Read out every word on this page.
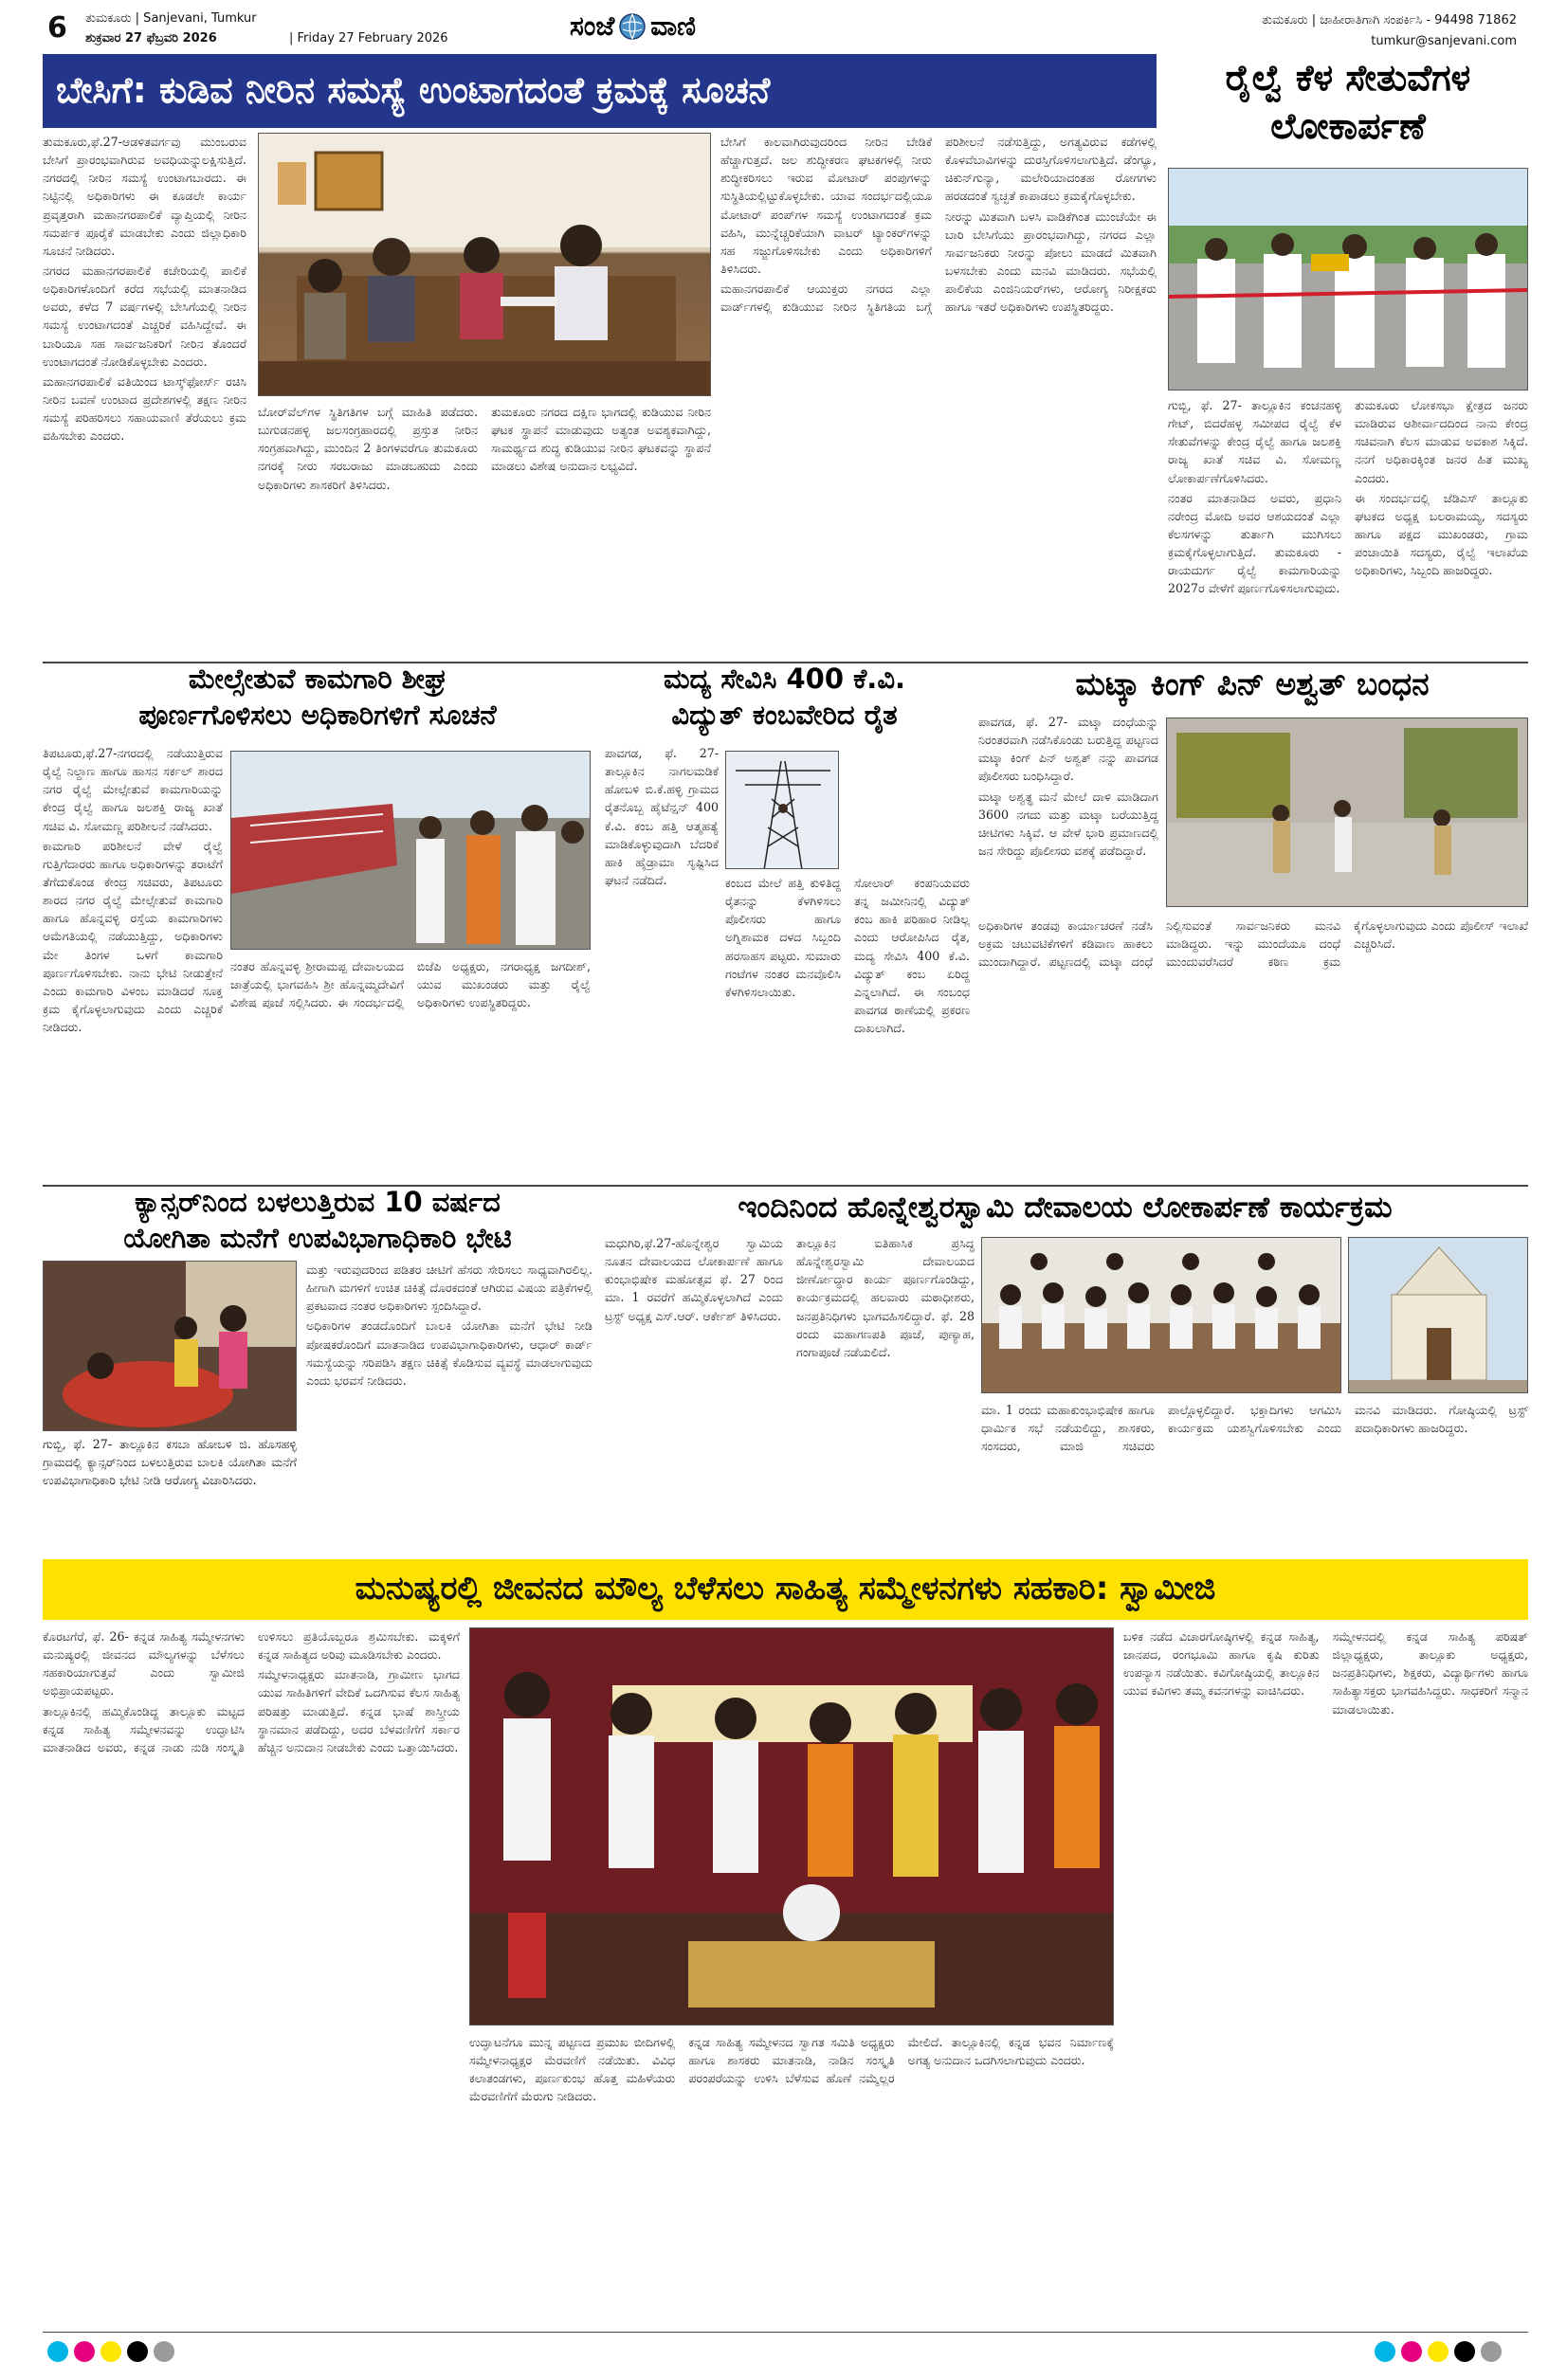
6 ತುಮಕೂರು | Sanjevani, Tumkur
ಶುಕ್ರವಾರ 27 ಫೆಬ್ರವರಿ 2026	| Friday 27 February 2026	ಸಂಜೆ ವಾಣಿ	ತುಮಕೂರು | ಜಾಹೀರಾತಿಗಾಗಿ ಸಂಪರ್ಕಿಸಿ - 94498 71862
tumkur@sanjevani.com
ಬೇಸಿಗೆ: ಕುಡಿವ ನೀರಿನ ಸಮಸ್ಯೆ ಉಂಟಾಗದಂತೆ ಕ್ರಮಕ್ಕೆ ಸೂಚನೆ

ತುಮಕೂರು,ಫೆ.27-ಆಡಳಿತವರ್ಗವು ಮುಂಬರುವ ಬೇಸಿಗೆ ಪ್ರಾರಂಭವಾಗಿರುವ ಅವಧಿಯನ್ನುಲಕ್ಷಿಸುತ್ತಿದೆ. ನಗರದಲ್ಲಿ ನೀರಿನ ಸಮಸ್ಯೆ ಉಂಟಾಗಬಾರದು. ಈ ನಿಟ್ಟಿನಲ್ಲಿ ಅಧಿಕಾರಿಗಳು ಈ ಕೂಡಲೇ ಕಾರ್ಯ ಪ್ರವೃತ್ತರಾಗಿ ಮಹಾನಗರಪಾಲಿಕೆ ವ್ಯಾಪ್ತಿಯಲ್ಲಿ ನೀರಿನ ಸಮರ್ಪಕ ಪೂರೈಕೆ ಮಾಡಬೇಕು ಎಂದು ಜಿಲ್ಲಾಧಿಕಾರಿ ಸೂಚನೆ ನೀಡಿದರು.

ನಗರದ ಮಹಾನಗರಪಾಲಿಕೆ ಕಚೇರಿಯಲ್ಲಿ ಪಾಲಿಕೆ ಅಧಿಕಾರಿಗಳೊಂದಿಗೆ ಕರೆದ ಸಭೆಯಲ್ಲಿ ಮಾತನಾಡಿದ ಅವರು, ಕಳೆದ 7 ವರ್ಷಗಳಲ್ಲಿ ಬೇಸಿಗೆಯಲ್ಲಿ ನೀರಿನ ಸಮಸ್ಯೆ ಉಂಟಾಗದಂತೆ ಎಚ್ಚರಿಕೆ ವಹಿಸಿದ್ದೇವೆ. ಈ ಬಾರಿಯೂ ಸಹ ಸಾರ್ವಜನಿಕರಿಗೆ ನೀರಿನ ತೊಂದರೆ ಉಂಟಾಗದಂತೆ ನೋಡಿಕೊಳ್ಳಬೇಕು ಎಂದರು.

ಮಹಾನಗರಪಾಲಿಕೆ ವತಿಯಿಂದ ಟಾಸ್ಕ್‌ಫೋರ್ಸ್ ರಚಿಸಿ ನೀರಿನ ಬವಣೆ ಉಂಟಾದ ಪ್ರದೇಶಗಳಲ್ಲಿ ತಕ್ಷಣ ನೀರಿನ ಸಮಸ್ಯೆ ಪರಿಹರಿಸಲು ಸಹಾಯವಾಣಿ ತೆರೆಯಲು ಕ್ರಮ ವಹಿಸಬೇಕು ಎಂದರು.

ಬೋರ್‌ವೆಲ್‌ಗಳ ಸ್ಥಿತಿಗತಿಗಳ ಬಗ್ಗೆ ಮಾಹಿತಿ ಪಡೆದರು. ಬುಗುಡನಹಳ್ಳಿ ಜಲಸಂಗ್ರಹಾರದಲ್ಲಿ ಪ್ರಸ್ತುತ ನೀರಿನ ಸಂಗ್ರಹವಾಗಿದ್ದು, ಮುಂದಿನ 2 ತಿಂಗಳವರೆಗೂ ತುಮಕೂರು ನಗರಕ್ಕೆ ನೀರು ಸರಬರಾಜು ಮಾಡಬಹುದು ಎಂದು ಅಧಿಕಾರಿಗಳು ಶಾಸಕರಿಗೆ ತಿಳಿಸಿದರು.

ತುಮಕೂರು ನಗರದ ದಕ್ಷಿಣ ಭಾಗದಲ್ಲಿ ಕುಡಿಯುವ ನೀರಿನ ಘಟಕ ಸ್ಥಾಪನೆ ಮಾಡುವುದು ಅತ್ಯಂತ ಅವಶ್ಯಕವಾಗಿದ್ದು, ಸಾಮರ್ಥ್ಯದ ಶುದ್ಧ ಕುಡಿಯುವ ನೀರಿನ ಘಟಕವನ್ನು ಸ್ಥಾಪನೆ ಮಾಡಲು ವಿಶೇಷ ಅನುದಾನ ಲಭ್ಯವಿದೆ.

ಬೇಸಿಗೆ ಕಾಲವಾಗಿರುವುದರಿಂದ ನೀರಿನ ಬೇಡಿಕೆ ಹೆಚ್ಚಾಗುತ್ತದೆ. ಜಲ ಶುದ್ಧೀಕರಣ ಘಟಕಗಳಲ್ಲಿ ನೀರು ಶುದ್ಧೀಕರಿಸಲು ಇರುವ ಮೋಟಾರ್ ಪಂಪುಗಳನ್ನು ಸುಸ್ಥಿತಿಯಲ್ಲಿಟ್ಟುಕೊಳ್ಳಬೇಕು. ಯಾವ ಸಂದರ್ಭದಲ್ಲಿಯೂ ಮೋಟಾರ್ ಪಂಪ್‌ಗಳ ಸಮಸ್ಯೆ ಉಂಟಾಗದಂತೆ ಕ್ರಮ ವಹಿಸಿ, ಮುನ್ನೆಚ್ಚರಿಕೆಯಾಗಿ ವಾಟರ್ ಟ್ಯಾಂಕರ್‌ಗಳನ್ನು ಸಹ ಸಜ್ಜುಗೊಳಿಸಬೇಕು ಎಂದು ಅಧಿಕಾರಿಗಳಿಗೆ ತಿಳಿಸಿದರು.

ಮಹಾನಗರಪಾಲಿಕೆ ಆಯುಕ್ತರು ನಗರದ ಎಲ್ಲಾ ವಾರ್ಡ್‌ಗಳಲ್ಲಿ ಕುಡಿಯುವ ನೀರಿನ ಸ್ಥಿತಿಗತಿಯ ಬಗ್ಗೆ ಪರಿಶೀಲನೆ ನಡೆಸುತ್ತಿದ್ದು, ಅಗತ್ಯವಿರುವ ಕಡೆಗಳಲ್ಲಿ ಕೊಳವೆಬಾವಿಗಳನ್ನು ದುರಸ್ತಿಗೊಳಿಸಲಾಗುತ್ತಿದೆ. ಡೆಂಗ್ಯೂ, ಚಿಕುನ್‌ಗುನ್ಯಾ, ಮಲೇರಿಯಾದಂತಹ ರೋಗಗಳು ಹರಡದಂತೆ ಸ್ವಚ್ಛತೆ ಕಾಪಾಡಲು ಕ್ರಮಕೈಗೊಳ್ಳಬೇಕು.

ನೀರನ್ನು ಮಿತವಾಗಿ ಬಳಸಿ ವಾಡಿಕೆಗಿಂತ ಮುಂಚೆಯೇ ಈ ಬಾರಿ ಬೇಸಿಗೆಯು ಪ್ರಾರಂಭವಾಗಿದ್ದು, ನಗರದ ಎಲ್ಲಾ ಸಾರ್ವಜನಿಕರು ನೀರನ್ನು ಪೋಲು ಮಾಡದೆ ಮಿತವಾಗಿ ಬಳಸಬೇಕು ಎಂದು ಮನವಿ ಮಾಡಿದರು. ಸಭೆಯಲ್ಲಿ ಪಾಲಿಕೆಯ ಎಂಜಿನಿಯರ್‌ಗಳು, ಆರೋಗ್ಯ ನಿರೀಕ್ಷಕರು ಹಾಗೂ ಇತರೆ ಅಧಿಕಾರಿಗಳು ಉಪಸ್ಥಿತರಿದ್ದರು.

ರೈಲ್ವೆ ಕೆಳ ಸೇತುವೆಗಳ ಲೋಕಾರ್ಪಣೆ

ಗುಬ್ಬಿ, ಫೆ. 27- ತಾಲ್ಲೂಕಿನ ಕಂಚನಹಳ್ಳಿ ಗೇಟ್, ಬಿದರೆಹಳ್ಳ ಸಮೀಪದ ರೈಲ್ವೆ ಕೆಳ ಸೇತುವೆಗಳನ್ನು ಕೇಂದ್ರ ರೈಲ್ವೆ ಹಾಗೂ ಜಲಶಕ್ತಿ ರಾಜ್ಯ ಖಾತೆ ಸಚಿವ ವಿ. ಸೋಮಣ್ಣ ಲೋಕಾರ್ಪಣೆಗೊಳಿಸಿದರು.

ನಂತರ ಮಾತನಾಡಿದ ಅವರು, ಪ್ರಧಾನಿ ನರೇಂದ್ರ ಮೋದಿ ಅವರ ಆಶಯದಂತೆ ಎಲ್ಲಾ ಕೆಲಸಗಳನ್ನು ತುರ್ತಾಗಿ ಮುಗಿಸಲು ಕ್ರಮಕೈಗೊಳ್ಳಲಾಗುತ್ತಿದೆ. ತುಮಕೂರು - ರಾಯದುರ್ಗ ರೈಲ್ವೆ ಕಾಮಗಾರಿಯನ್ನು 2027ರ ವೇಳೆಗೆ ಪೂರ್ಣಗೊಳಿಸಲಾಗುವುದು.

ತುಮಕೂರು ಲೋಕಸಭಾ ಕ್ಷೇತ್ರದ ಜನರು ಮಾಡಿರುವ ಆಶೀರ್ವಾದದಿಂದ ನಾನು ಕೇಂದ್ರ ಸಚಿವನಾಗಿ ಕೆಲಸ ಮಾಡುವ ಅವಕಾಶ ಸಿಕ್ಕಿದೆ. ನನಗೆ ಅಧಿಕಾರಕ್ಕಿಂತ ಜನರ ಹಿತ ಮುಖ್ಯ ಎಂದರು.

ಈ ಸಂದರ್ಭದಲ್ಲಿ ಜೆಡಿಎಸ್ ತಾಲ್ಲೂಕು ಘಟಕದ ಅಧ್ಯಕ್ಷ ಬಲರಾಮಯ್ಯ, ಸದಸ್ಯರು ಹಾಗೂ ಪಕ್ಷದ ಮುಖಂಡರು, ಗ್ರಾಮ ಪಂಚಾಯಿತಿ ಸದಸ್ಯರು, ರೈಲ್ವೆ ಇಲಾಖೆಯ ಅಧಿಕಾರಿಗಳು, ಸಿಬ್ಬಂದಿ ಹಾಜರಿದ್ದರು.

ಮೇಲ್ಸೇತುವೆ ಕಾಮಗಾರಿ ಶೀಘ್ರ
ಪೂರ್ಣಗೊಳಿಸಲು ಅಧಿಕಾರಿಗಳಿಗೆ ಸೂಚನೆ

ತಿಪಟೂರು,ಫೆ.27-ನಗರದಲ್ಲಿ ನಡೆಯುತ್ತಿರುವ ರೈಲ್ವೆ ನಿಲ್ದಾಣ ಹಾಗೂ ಹಾಸನ ಸರ್ಕಲ್ ಶಾರದ ನಗರ ರೈಲ್ವೆ ಮೇಲ್ಸೇತುವೆ ಕಾಮಗಾರಿಯನ್ನು ಕೇಂದ್ರ ರೈಲ್ವೆ ಹಾಗೂ ಜಲಶಕ್ತಿ ರಾಜ್ಯ ಖಾತೆ ಸಚಿವ ವಿ. ಸೋಮಣ್ಣ ಪರಿಶೀಲನೆ ನಡೆಸಿದರು.

ಕಾಮಗಾರಿ ಪರಿಶೀಲನೆ ವೇಳೆ ರೈಲ್ವೆ ಗುತ್ತಿಗೆದಾರರು ಹಾಗೂ ಅಧಿಕಾರಿಗಳನ್ನು ತರಾಟೆಗೆ ತೆಗೆದುಕೊಂಡ ಕೇಂದ್ರ ಸಚಿವರು, ತಿಪಟೂರು ಶಾರದ ನಗರ ರೈಲ್ವೆ ಮೇಲ್ಸೇತುವೆ ಕಾಮಗಾರಿ ಹಾಗೂ ಹೊನ್ನವಳ್ಳಿ ರಸ್ತೆಯ ಕಾಮಗಾರಿಗಳು ಆಮೆಗತಿಯಲ್ಲಿ ನಡೆಯುತ್ತಿದ್ದು, ಅಧಿಕಾರಿಗಳು ಮೇ ತಿಂಗಳ ಒಳಗೆ ಕಾಮಗಾರಿ ಪೂರ್ಣಗೊಳಿಸಬೇಕು. ನಾನು ಭೇಟಿ ನೀಡುತ್ತೇನೆ ಎಂದು ಕಾಮಗಾರಿ ವಿಳಂಬ ಮಾಡಿದರೆ ಸೂಕ್ತ ಕ್ರಮ ಕೈಗೊಳ್ಳಲಾಗುವುದು ಎಂದು ಎಚ್ಚರಿಕೆ ನೀಡಿದರು.

ನಂತರ ಹೊನ್ನವಳ್ಳಿ ಶ್ರೀರಾಮಪ್ಪ ದೇವಾಲಯದ ಜಾತ್ರೆಯಲ್ಲಿ ಭಾಗವಹಿಸಿ ಶ್ರೀ ಹೊನ್ನಮ್ಮದೇವಿಗೆ ವಿಶೇಷ ಪೂಜೆ ಸಲ್ಲಿಸಿದರು. ಈ ಸಂದರ್ಭದಲ್ಲಿ ಬಿಜೆಪಿ ಅಧ್ಯಕ್ಷರು, ನಗರಾಧ್ಯಕ್ಷ ಜಗದೀಶ್, ಯುವ ಮುಖಂಡರು ಮತ್ತು ರೈಲ್ವೆ ಅಧಿಕಾರಿಗಳು ಉಪಸ್ಥಿತರಿದ್ದರು.

ಮದ್ಯ ಸೇವಿಸಿ 400 ಕೆ.ವಿ.
ವಿದ್ಯುತ್ ಕಂಬವೇರಿದ ರೈತ

ಪಾವಗಡ, ಫೆ. 27- ತಾಲ್ಲೂಕಿನ ನಾಗಲಮಡಿಕೆ ಹೋಬಳಿ ಬಿ.ಕೆ.ಹಳ್ಳಿ ಗ್ರಾಮದ ರೈತನೊಬ್ಬ ಹೈಟೆನ್ಷನ್ 400 ಕೆ.ವಿ. ಕಂಬ ಹತ್ತಿ ಆತ್ಮಹತ್ಯೆ ಮಾಡಿಕೊಳ್ಳುವುದಾಗಿ ಬೆದರಿಕೆ ಹಾಕಿ ಹೈಡ್ರಾಮಾ ಸೃಷ್ಟಿಸಿದ ಘಟನೆ ನಡೆದಿದೆ.	ಕಂಬದ ಮೇಲೆ ಹತ್ತಿ ಕುಳಿತಿದ್ದ ರೈತನನ್ನು ಕೆಳಗಿಳಿಸಲು ಪೊಲೀಸರು ಹಾಗೂ ಅಗ್ನಿಶಾಮಕ ದಳದ ಸಿಬ್ಬಂದಿ ಹರಸಾಹಸ ಪಟ್ಟರು. ಸುಮಾರು ಗಂಟೆಗಳ ನಂತರ ಮನವೊಲಿಸಿ ಕೆಳಗಿಳಿಸಲಾಯಿತು.

ಸೋಲಾರ್ ಕಂಪನಿಯವರು ತನ್ನ ಜಮೀನಿನಲ್ಲಿ ವಿದ್ಯುತ್ ಕಂಬ ಹಾಕಿ ಪರಿಹಾರ ನೀಡಿಲ್ಲ ಎಂದು ಆರೋಪಿಸಿದ ರೈತ, ಮದ್ಯ ಸೇವಿಸಿ 400 ಕೆ.ವಿ. ವಿದ್ಯುತ್ ಕಂಬ ಏರಿದ್ದ ಎನ್ನಲಾಗಿದೆ. ಈ ಸಂಬಂಧ ಪಾವಗಡ ಠಾಣೆಯಲ್ಲಿ ಪ್ರಕರಣ ದಾಖಲಾಗಿದೆ.

ಮಟ್ಕಾ ಕಿಂಗ್ ಪಿನ್ ಅಶ್ವತ್ ಬಂಧನ

ಪಾವಗಡ, ಫೆ. 27- ಮಟ್ಕಾ ದಂಧೆಯನ್ನು ನಿರಂತರವಾಗಿ ನಡೆಸಿಕೊಂಡು ಬರುತ್ತಿದ್ದ ಪಟ್ಟಣದ ಮಟ್ಕಾ ಕಿಂಗ್ ಪಿನ್ ಅಶ್ವತ್ ನನ್ನು ಪಾವಗಡ ಪೊಲೀಸರು ಬಂಧಿಸಿದ್ದಾರೆ.

ಮಟ್ಕಾ ಅಶ್ವತ್ಥ ಮನೆ ಮೇಲೆ ದಾಳಿ ಮಾಡಿದಾಗ 3600 ನಗದು ಮತ್ತು ಮಟ್ಕಾ ಬರೆಯುತ್ತಿದ್ದ ಚೀಟಿಗಳು ಸಿಕ್ಕಿವೆ. ಆ ವೇಳೆ ಭಾರಿ ಪ್ರಮಾಣದಲ್ಲಿ ಜನ ಸೇರಿದ್ದು ಪೊಲೀಸರು ವಶಕ್ಕೆ ಪಡೆದಿದ್ದಾರೆ.

ಅಧಿಕಾರಿಗಳ ತಂಡವು ಕಾರ್ಯಾಚರಣೆ ನಡೆಸಿ ಅಕ್ರಮ ಚಟುವಟಿಕೆಗಳಿಗೆ ಕಡಿವಾಣ ಹಾಕಲು ಮುಂದಾಗಿದ್ದಾರೆ. ಪಟ್ಟಣದಲ್ಲಿ ಮಟ್ಕಾ ದಂಧೆ ನಿಲ್ಲಿಸುವಂತೆ ಸಾರ್ವಜನಿಕರು ಮನವಿ ಮಾಡಿದ್ದರು. ಇನ್ನು ಮುಂದೆಯೂ ದಂಧೆ ಮುಂದುವರೆಸಿದರೆ ಕಠಿಣ ಕ್ರಮ ಕೈಗೊಳ್ಳಲಾಗುವುದು ಎಂದು ಪೊಲೀಸ್ ಇಲಾಖೆ ಎಚ್ಚರಿಸಿದೆ.

ಕ್ಯಾನ್ಸರ್‌ನಿಂದ ಬಳಲುತ್ತಿರುವ 10 ವರ್ಷದ
ಯೋಗಿತಾ ಮನೆಗೆ ಉಪವಿಭಾಗಾಧಿಕಾರಿ ಭೇಟಿ
ಗುಬ್ಬಿ, ಫೆ. 27- ತಾಲ್ಲೂಕಿನ ಕಸಬಾ ಹೋಬಳಿ ಜಿ. ಹೊಸಹಳ್ಳಿ ಗ್ರಾಮದಲ್ಲಿ ಕ್ಯಾನ್ಸರ್‌ನಿಂದ ಬಳಲುತ್ತಿರುವ ಬಾಲಕಿ ಯೋಗಿತಾ ಮನೆಗೆ ಉಪವಿಭಾಗಾಧಿಕಾರಿ ಭೇಟಿ ನೀಡಿ ಆರೋಗ್ಯ ವಿಚಾರಿಸಿದರು.

ಮತ್ತು ಇರುವುದರಿಂದ ಪಡಿತರ ಚೀಟಿಗೆ ಹೆಸರು ಸೇರಿಸಲು ಸಾಧ್ಯವಾಗಿರಲಿಲ್ಲ. ಹೀಗಾಗಿ ಮಗಳಿಗೆ ಉಚಿತ ಚಿಕಿತ್ಸೆ ದೊರಕದಂತೆ ಆಗಿರುವ ವಿಷಯ ಪತ್ರಿಕೆಗಳಲ್ಲಿ ಪ್ರಕಟವಾದ ನಂತರ ಅಧಿಕಾರಿಗಳು ಸ್ಪಂದಿಸಿದ್ದಾರೆ.

ಅಧಿಕಾರಿಗಳ ತಂಡದೊಂದಿಗೆ ಬಾಲಕಿ ಯೋಗಿತಾ ಮನೆಗೆ ಭೇಟಿ ನೀಡಿ ಪೋಷಕರೊಂದಿಗೆ ಮಾತನಾಡಿದ ಉಪವಿಭಾಗಾಧಿಕಾರಿಗಳು, ಆಧಾರ್ ಕಾರ್ಡ್ ಸಮಸ್ಯೆಯನ್ನು ಸರಿಪಡಿಸಿ ತಕ್ಷಣ ಚಿಕಿತ್ಸೆ ಕೊಡಿಸುವ ವ್ಯವಸ್ಥೆ ಮಾಡಲಾಗುವುದು ಎಂದು ಭರವಸೆ ನೀಡಿದರು.

ಇಂದಿನಿಂದ ಹೊನ್ನೇಶ್ವರಸ್ವಾಮಿ ದೇವಾಲಯ ಲೋಕಾರ್ಪಣೆ ಕಾರ್ಯಕ್ರಮ

ಮಧುಗಿರಿ,ಫೆ.27-ಹೊನ್ನೇಶ್ವರ ಸ್ವಾಮಿಯ ನೂತನ ದೇವಾಲಯದ ಲೋಕಾರ್ಪಣೆ ಹಾಗೂ ಕುಂಭಾಭಿಷೇಕ ಮಹೋತ್ಸವ ಫೆ. 27 ರಿಂದ ಮಾ. 1 ರವರೆಗೆ ಹಮ್ಮಿಕೊಳ್ಳಲಾಗಿದೆ ಎಂದು ಟ್ರಸ್ಟ್ ಅಧ್ಯಕ್ಷ ಎಸ್.ಆರ್. ಆರ್ಕೇಶ್ ತಿಳಿಸಿದರು.

ತಾಲ್ಲೂಕಿನ ಐತಿಹಾಸಿಕ ಪ್ರಸಿದ್ಧ ಹೊನ್ನೇಶ್ವರಸ್ವಾಮಿ ದೇವಾಲಯದ ಜೀರ್ಣೋದ್ಧಾರ ಕಾರ್ಯ ಪೂರ್ಣಗೊಂಡಿದ್ದು, ಕಾರ್ಯಕ್ರಮದಲ್ಲಿ ಹಲವಾರು ಮಠಾಧೀಶರು, ಜನಪ್ರತಿನಿಧಿಗಳು ಭಾಗವಹಿಸಲಿದ್ದಾರೆ. ಫೆ. 28 ರಂದು ಮಹಾಗಣಪತಿ ಪೂಜೆ, ಪುಣ್ಯಾಹ, ಗಂಗಾಪೂಜೆ ನಡೆಯಲಿದೆ.

ಮಾ. 1 ರಂದು ಮಹಾಕುಂಭಾಭಿಷೇಕ ಹಾಗೂ ಧಾರ್ಮಿಕ ಸಭೆ ನಡೆಯಲಿದ್ದು, ಶಾಸಕರು, ಸಂಸದರು, ಮಾಜಿ ಸಚಿವರು ಪಾಲ್ಗೊಳ್ಳಲಿದ್ದಾರೆ. ಭಕ್ತಾದಿಗಳು ಆಗಮಿಸಿ ಕಾರ್ಯಕ್ರಮ ಯಶಸ್ವಿಗೊಳಿಸಬೇಕು ಎಂದು ಮನವಿ ಮಾಡಿದರು. ಗೋಷ್ಠಿಯಲ್ಲಿ ಟ್ರಸ್ಟ್ ಪದಾಧಿಕಾರಿಗಳು ಹಾಜರಿದ್ದರು.

ಮನುಷ್ಯರಲ್ಲಿ ಜೀವನದ ಮೌಲ್ಯ ಬೆಳೆಸಲು ಸಾಹಿತ್ಯ ಸಮ್ಮೇಳನಗಳು ಸಹಕಾರಿ: ಸ್ವಾಮೀಜಿ

ಕೊರಟಗೆರೆ, ಫೆ. 26- ಕನ್ನಡ ಸಾಹಿತ್ಯ ಸಮ್ಮೇಳನಗಳು ಮನುಷ್ಯರಲ್ಲಿ ಜೀವನದ ಮೌಲ್ಯಗಳನ್ನು ಬೆಳೆಸಲು ಸಹಕಾರಿಯಾಗುತ್ತವೆ ಎಂದು ಸ್ವಾಮೀಜಿ ಅಭಿಪ್ರಾಯಪಟ್ಟರು.

ತಾಲ್ಲೂಕಿನಲ್ಲಿ ಹಮ್ಮಿಕೊಂಡಿದ್ದ ತಾಲ್ಲೂಕು ಮಟ್ಟದ ಕನ್ನಡ ಸಾಹಿತ್ಯ ಸಮ್ಮೇಳನವನ್ನು ಉದ್ಘಾಟಿಸಿ ಮಾತನಾಡಿದ ಅವರು, ಕನ್ನಡ ನಾಡು ನುಡಿ ಸಂಸ್ಕೃತಿ ಉಳಿಸಲು ಪ್ರತಿಯೊಬ್ಬರೂ ಶ್ರಮಿಸಬೇಕು. ಮಕ್ಕಳಿಗೆ ಕನ್ನಡ ಸಾಹಿತ್ಯದ ಅರಿವು ಮೂಡಿಸಬೇಕು ಎಂದರು.

ಸಮ್ಮೇಳನಾಧ್ಯಕ್ಷರು ಮಾತನಾಡಿ, ಗ್ರಾಮೀಣ ಭಾಗದ ಯುವ ಸಾಹಿತಿಗಳಿಗೆ ವೇದಿಕೆ ಒದಗಿಸುವ ಕೆಲಸ ಸಾಹಿತ್ಯ ಪರಿಷತ್ತು ಮಾಡುತ್ತಿದೆ. ಕನ್ನಡ ಭಾಷೆ ಶಾಸ್ತ್ರೀಯ ಸ್ಥಾನಮಾನ ಪಡೆದಿದ್ದು, ಅದರ ಬೆಳವಣಿಗೆಗೆ ಸರ್ಕಾರ ಹೆಚ್ಚಿನ ಅನುದಾನ ನೀಡಬೇಕು ಎಂದು ಒತ್ತಾಯಿಸಿದರು.

ಉದ್ಘಾಟನೆಗೂ ಮುನ್ನ ಪಟ್ಟಣದ ಪ್ರಮುಖ ಬೀದಿಗಳಲ್ಲಿ ಸಮ್ಮೇಳನಾಧ್ಯಕ್ಷರ ಮೆರವಣಿಗೆ ನಡೆಯಿತು. ವಿವಿಧ ಕಲಾತಂಡಗಳು, ಪೂರ್ಣಕುಂಭ ಹೊತ್ತ ಮಹಿಳೆಯರು ಮೆರವಣಿಗೆಗೆ ಮೆರುಗು ನೀಡಿದರು.

ಕನ್ನಡ ಸಾಹಿತ್ಯ ಸಮ್ಮೇಳನದ ಸ್ವಾಗತ ಸಮಿತಿ ಅಧ್ಯಕ್ಷರು ಹಾಗೂ ಶಾಸಕರು ಮಾತನಾಡಿ, ನಾಡಿನ ಸಂಸ್ಕೃತಿ ಪರಂಪರೆಯನ್ನು ಉಳಿಸಿ ಬೆಳೆಸುವ ಹೊಣೆ ನಮ್ಮೆಲ್ಲರ ಮೇಲಿದೆ. ತಾಲ್ಲೂಕಿನಲ್ಲಿ ಕನ್ನಡ ಭವನ ನಿರ್ಮಾಣಕ್ಕೆ ಅಗತ್ಯ ಅನುದಾನ ಒದಗಿಸಲಾಗುವುದು ಎಂದರು.

ಬಳಿಕ ನಡೆದ ವಿಚಾರಗೋಷ್ಠಿಗಳಲ್ಲಿ ಕನ್ನಡ ಸಾಹಿತ್ಯ, ಜಾನಪದ, ರಂಗಭೂಮಿ ಹಾಗೂ ಕೃಷಿ ಕುರಿತು ಉಪನ್ಯಾಸ ನಡೆಯಿತು. ಕವಿಗೋಷ್ಠಿಯಲ್ಲಿ ತಾಲ್ಲೂಕಿನ ಯುವ ಕವಿಗಳು ತಮ್ಮ ಕವನಗಳನ್ನು ವಾಚಿಸಿದರು.

ಸಮ್ಮೇಳನದಲ್ಲಿ ಕನ್ನಡ ಸಾಹಿತ್ಯ ಪರಿಷತ್ ಜಿಲ್ಲಾಧ್ಯಕ್ಷರು, ತಾಲ್ಲೂಕು ಅಧ್ಯಕ್ಷರು, ಜನಪ್ರತಿನಿಧಿಗಳು, ಶಿಕ್ಷಕರು, ವಿದ್ಯಾರ್ಥಿಗಳು ಹಾಗೂ ಸಾಹಿತ್ಯಾಸಕ್ತರು ಭಾಗವಹಿಸಿದ್ದರು. ಸಾಧಕರಿಗೆ ಸನ್ಮಾನ ಮಾಡಲಾಯಿತು.
